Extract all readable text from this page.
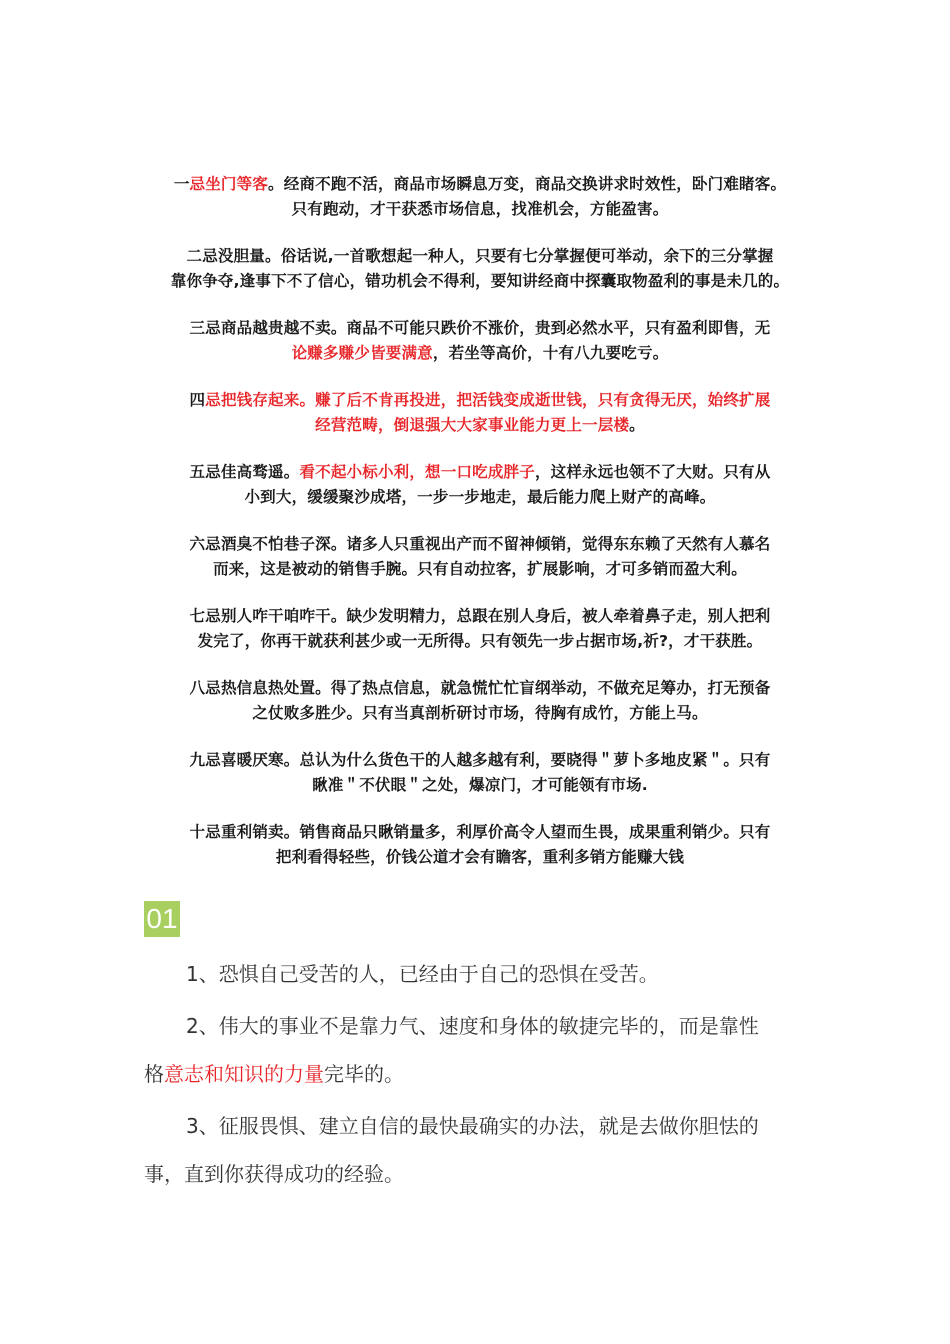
一忌坐门等客。经商不跑不活，商品市场瞬息万变，商品交换讲求时效性，卧门难睹客。
只有跑动，才干获悉市场信息，找准机会，方能盈害。
二忌没胆量。俗话说,一首歌想起一种人，只要有七分掌握便可举动，余下的三分掌握
靠你争夺,逢事下不了信心，错功机会不得利，要知讲经商中探囊取物盈利的事是未几的。
三忌商品越贵越不卖。商品不可能只跌价不涨价，贵到必然水平，只有盈利即售，无
论赚多赚少皆要满意，若坐等高价，十有八九要吃亏。
四忌把钱存起来。赚了后不肯再投进，把活钱变成逝世钱，只有贪得无厌，始终扩展
经营范畴，倒退强大大家事业能力更上一层楼。
五忌佳高骛遥。看不起小标小利，想一口吃成胖子，这样永远也领不了大财。只有从
小到大，缓缓聚沙成塔，一步一步地走，最后能力爬上财产的高峰。
六忌酒臭不怕巷子深。诸多人只重视出产而不留神倾销，觉得东东赖了天然有人慕名
而来，这是被动的销售手腕。只有自动拉客，扩展影响，才可多销而盈大利。
七忌别人咋干咱咋干。缺少发明精力，总跟在别人身后，被人牵着鼻子走，别人把利
发完了，你再干就获利甚少或一无所得。只有领先一步占据市场,祈?，才干获胜。
八忌热信息热处置。得了热点信息，就急慌忙忙盲纲举动，不做充足筹办，打无预备
之仗败多胜少。只有当真剖析研讨市场，待胸有成竹，方能上马。
九忌喜暖厌寒。总认为什么货色干的人越多越有利，要晓得＂萝卜多地皮紧＂。只有
瞅准＂不伏眼＂之处，爆凉门，才可能领有市场.
十忌重利销卖。销售商品只瞅销量多，利厚价高令人望而生畏，成果重利销少。只有
把利看得轻些，价钱公道才会有瞻客，重利多销方能赚大钱
01
1、恐惧自己受苦的人，已经由于自己的恐惧在受苦。
2、伟大的事业不是靠力气、速度和身体的敏捷完毕的，而是靠性
格意志和知识的力量完毕的。
3、征服畏惧、建立自信的最快最确实的办法，就是去做你胆怯的
事，直到你获得成功的经验。
